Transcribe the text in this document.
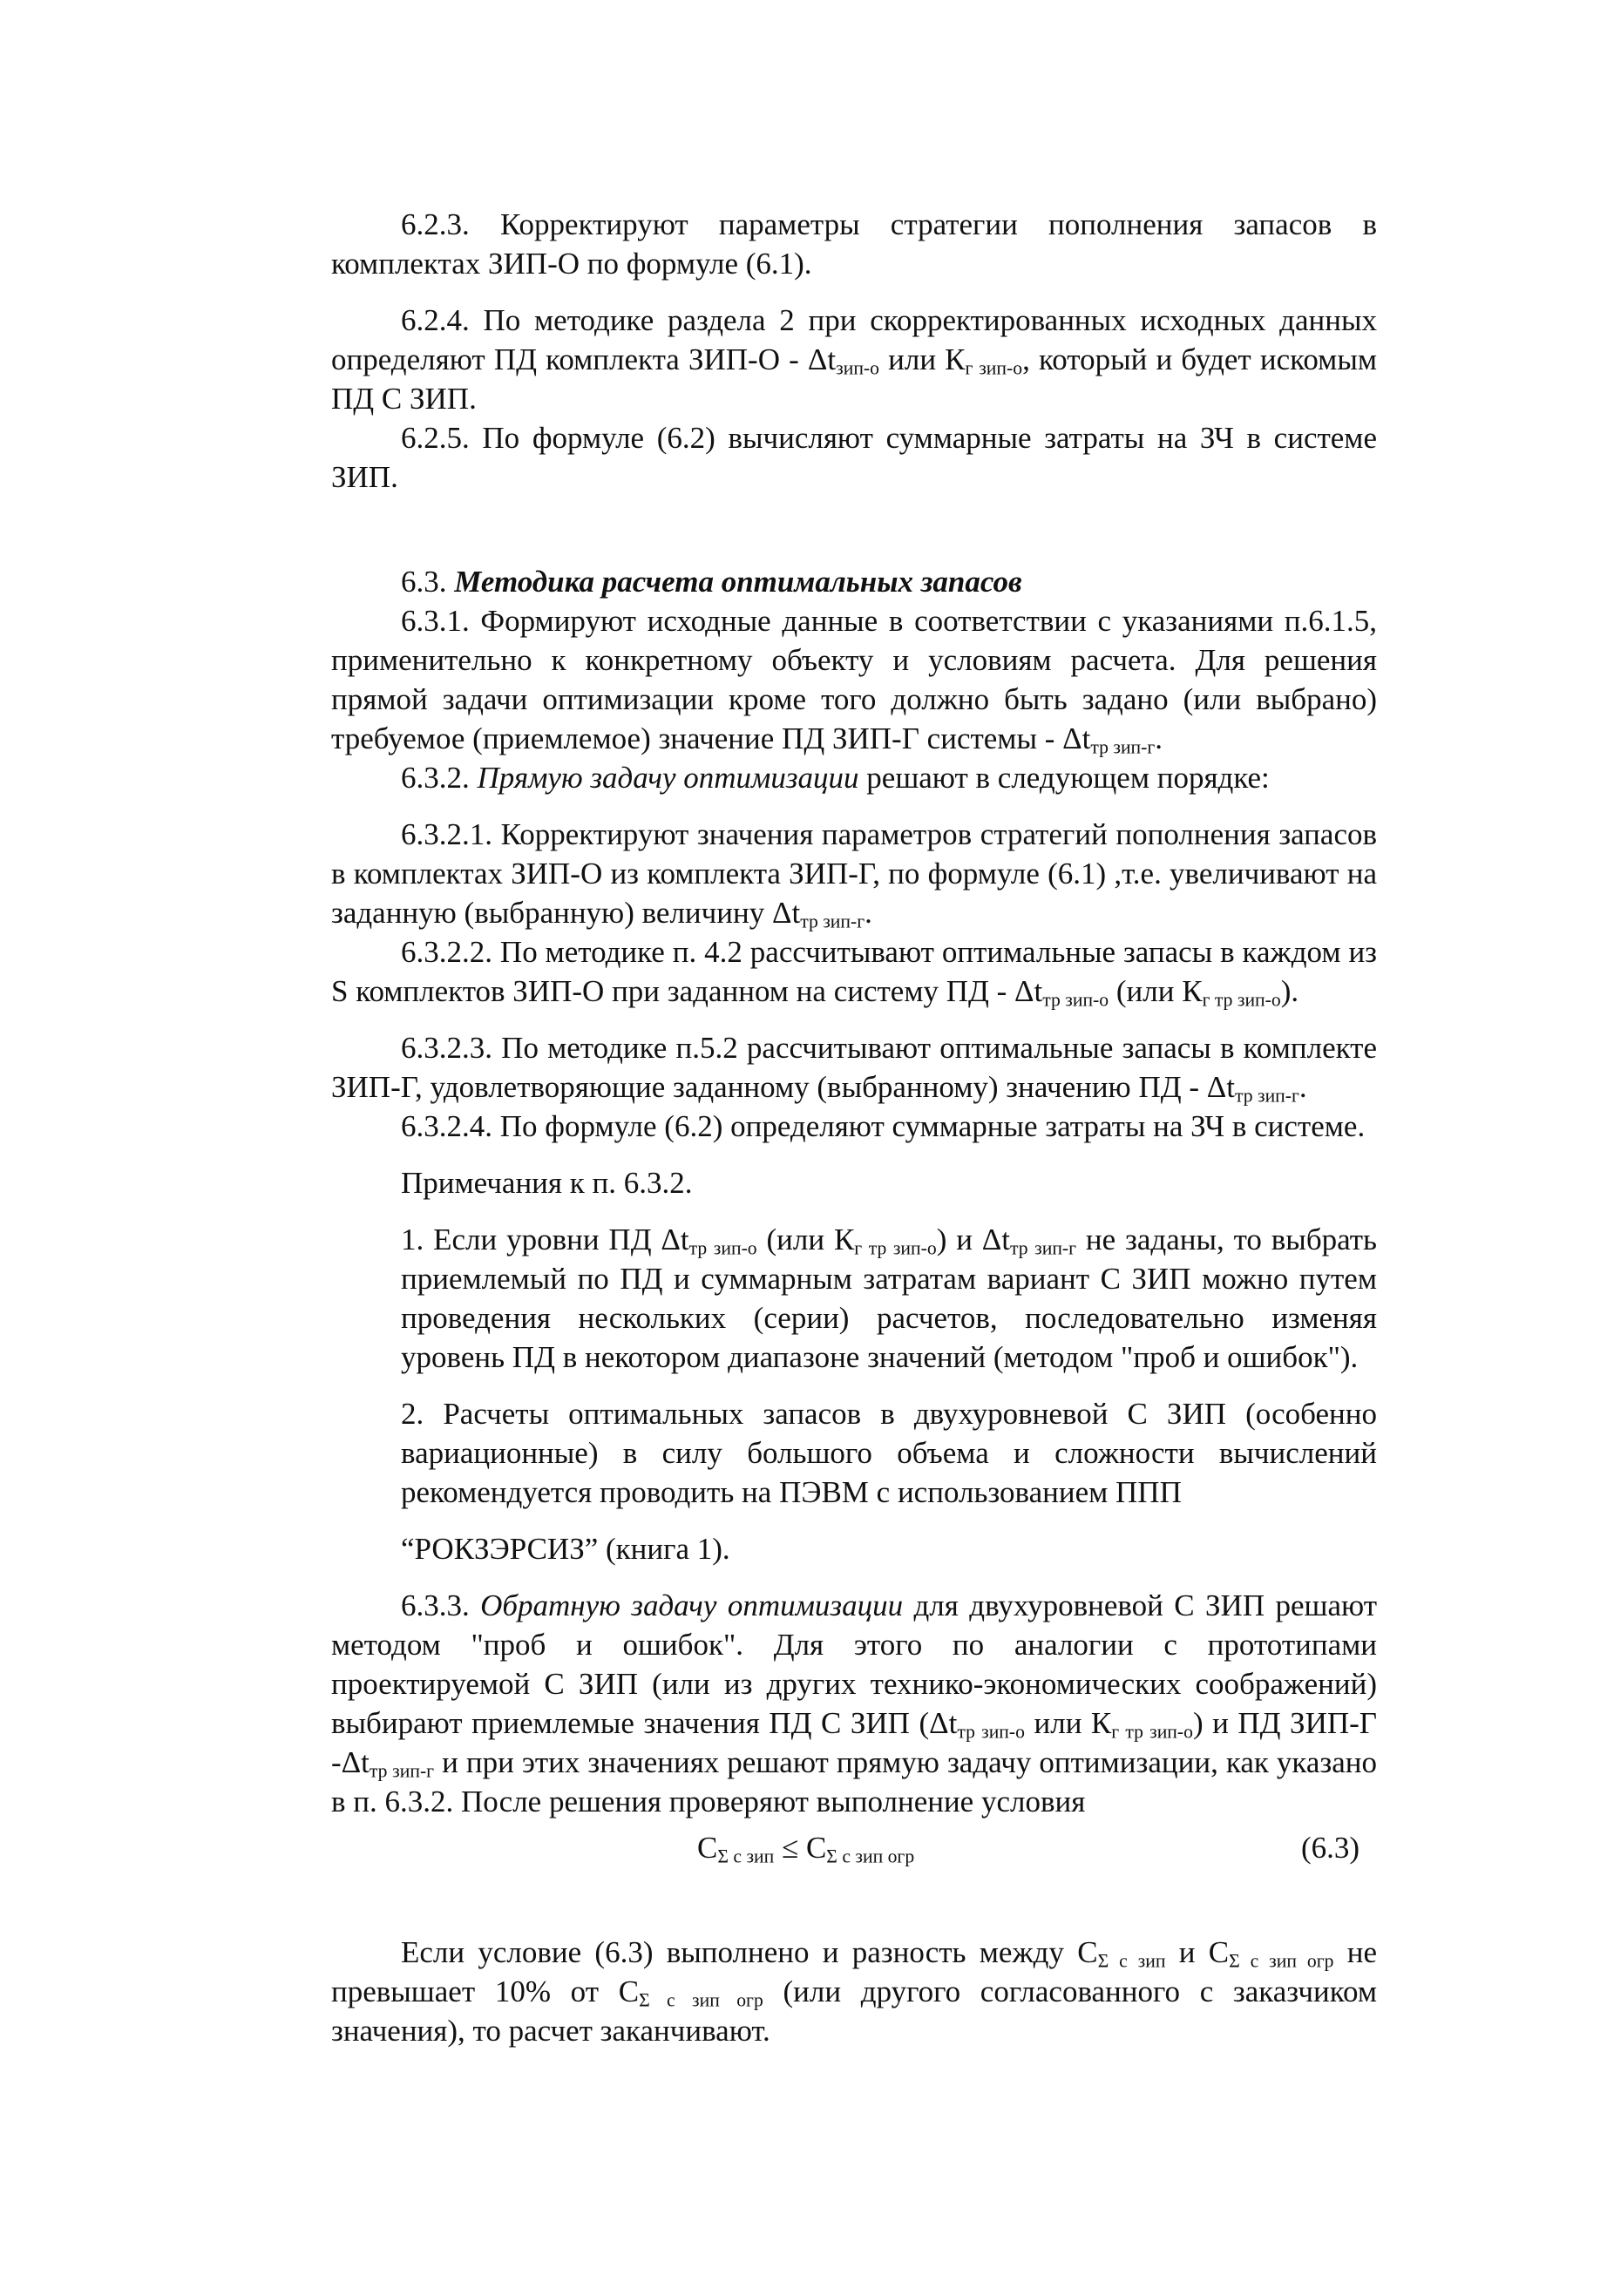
6.2.3. Корректируют параметры стратегии пополнения запасов в комплектах ЗИП-О по формуле (6.1).

6.2.4. По методике раздела 2 при скорректированных исходных данных определяют ПД комплекта $ЗИП-О - \Delta t_{зип-о}$ или $К_{г зип-о}$, который и будет искомым ПД С ЗИП.

6.2.5. По формуле (6.2) вычисляют суммарные затраты на ЗЧ в системе ЗИП.

6.3. Методика расчета оптимальных запасов

6.3.1. Формируют исходные данные в соответствии с указаниями п.6.1.5, применительно к конкретному объекту и условиям расчета. Для решения прямой задачи оптимизации кроме того должно быть задано (или выбрано) требуемое (приемлемое) значение ПД ЗИП-Г системы - $\Delta t_{тр зип-г}$.

6.3.2. Прямую задачу оптимизации решают в следующем порядке:

6.3.2.1. Корректируют значения параметров стратегий пополнения запасов в комплектах ЗИП-О из комплекта ЗИП-Г, по формуле (6.1) ,т.е. увеличивают на заданную (выбранную) величину $\Delta t_{тр зип-г}$.

6.3.2.2. По методике п. 4.2 рассчитывают оптимальные запасы в каждом из S комплектов ЗИП-О при заданном на систему ПД - $\Delta t_{тр зип-о}$ (или $К_{г тр зип-о}$).

6.3.2.3. По методике п.5.2 рассчитывают оптимальные запасы в комплекте ЗИП-Г, удовлетворяющие заданному (выбранному) значению ПД - $\Delta t_{тр зип-г}$.

6.3.2.4. По формуле (6.2) определяют суммарные затраты на ЗЧ в системе.

Примечания к п. 6.3.2.

1. Если уровни ПД $\Delta t_{тр зип-о}$ (или $К_{г тр зип-о}$) и $\Delta t_{тр зип-г}$ не заданы, то выбрать приемлемый по ПД и суммарным затратам вариант С ЗИП можно путем проведения нескольких (серии) расчетов, последовательно изменяя уровень ПД в некотором диапазоне значений (методом "проб и ошибок").

2. Расчеты оптимальных запасов в двухуровневой С ЗИП (особенно вариационные) в силу большого объема и сложности вычислений рекомендуется проводить на ПЭВМ с использованием ППП

“РОКЗЭРСИЗ” (книга 1).

6.3.3. Обратную задачу оптимизации для двухуровневой С ЗИП решают методом "проб и ошибок". Для этого по аналогии с прототипами проектируемой С ЗИП (или из других технико-экономических соображений) выбирают приемлемые значения ПД С ЗИП ($\Delta t_{тр зип-о}$ или $К_{г тр зип-о}$) и ПД ЗИП-Г $-\Delta t_{тр зип-г}$ и при этих значениях решают прямую задачу оптимизации, как указано в п. 6.3.2. После решения проверяют выполнение условия

$С_{\Sigma с зип} \le С_{\Sigma с зип огр}$	(6.3)

Если условие (6.3) выполнено и разность между $С_{\Sigma с зип}$ и $С_{\Sigma с зип огр}$ не превышает 10% от $С_{\Sigma с зип огр}$ (или другого согласованного с заказчиком значения), то расчет заканчивают.
